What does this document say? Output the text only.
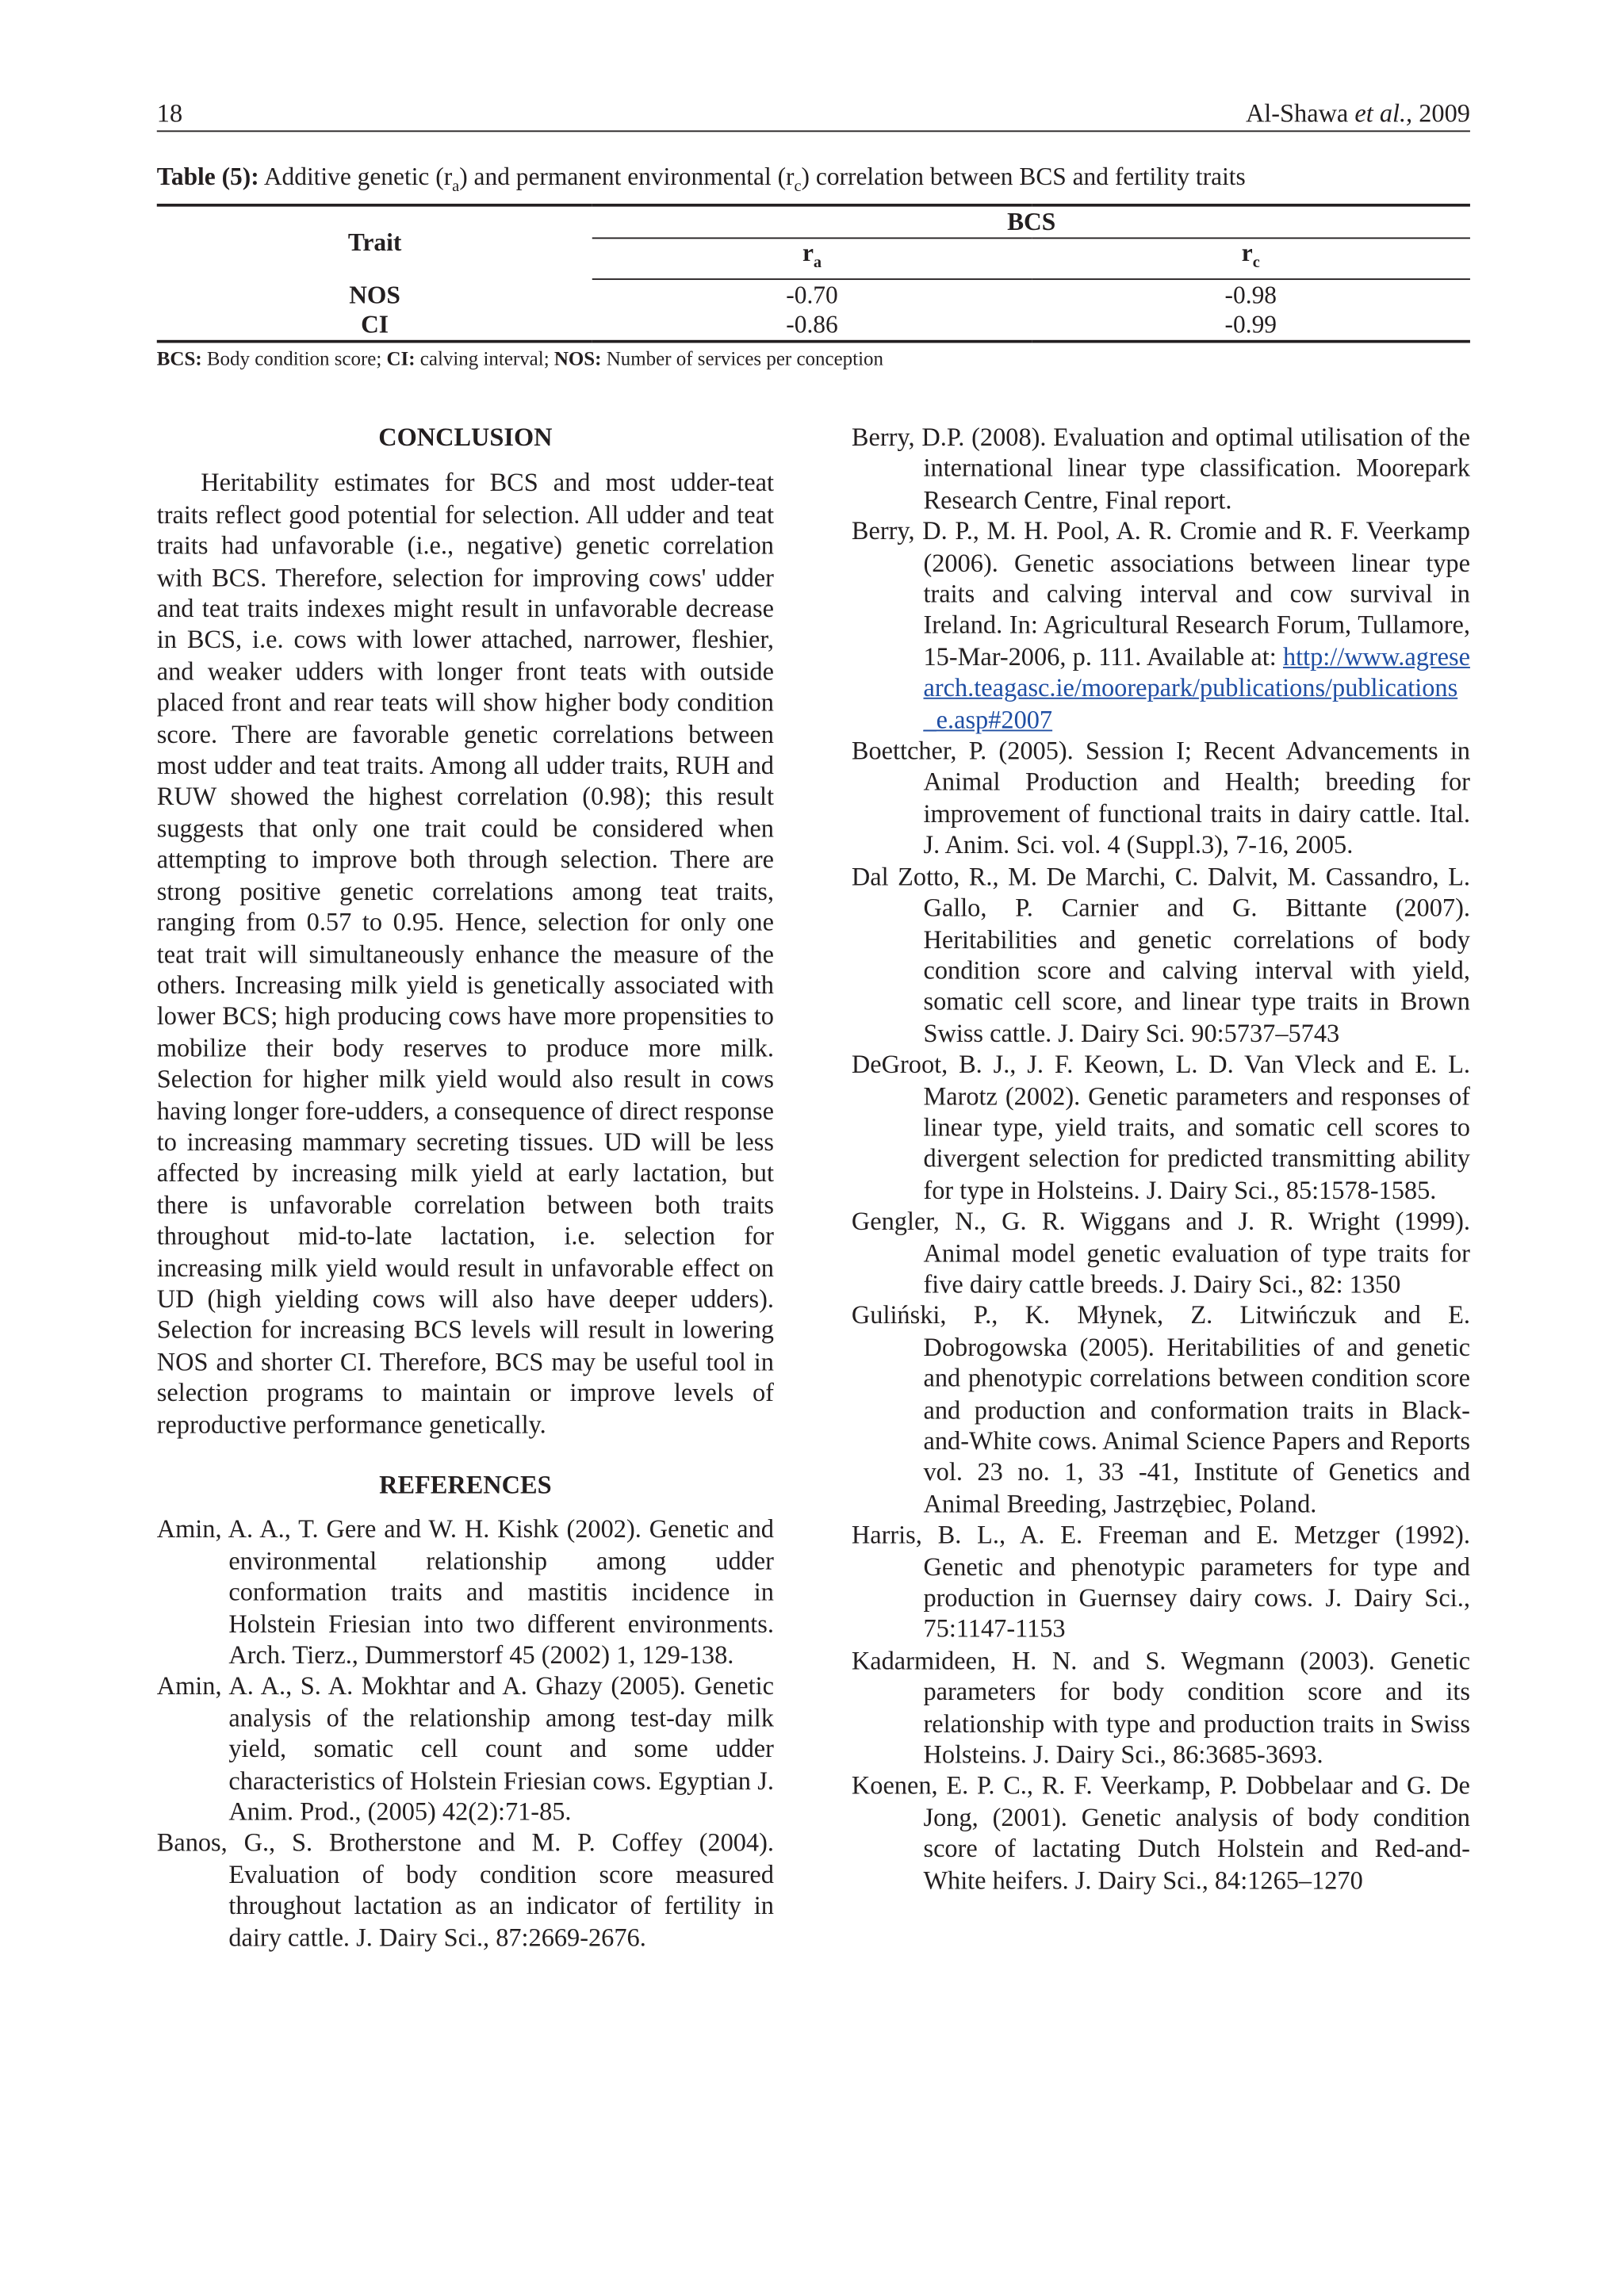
18	Al-Shawa et al., 2009
Table (5): Additive genetic $(r_a)$ and permanent environmental $(r_c)$ correlation between BCS and fertility traits
Trait	BCS	
	$r_a$	$r_c$
NOS	-0.70	-0.98
CI	-0.86	-0.99
BCS: Body condition score; CI: calving interval; NOS: Number of services per conception
CONCLUSION

Heritability estimates for BCS and most udder-teat traits reflect good potential for selection. All udder and teat traits had unfavorable (i.e., negative) genetic correlation with BCS. Therefore, selection for improving cows' udder and teat traits indexes might result in unfavorable decrease in BCS, i.e. cows with lower attached, narrower, fleshier, and weaker udders with longer front teats with outside placed front and rear teats will show higher body condition score. There are favorable genetic correlations between most udder and teat traits. Among all udder traits, RUH and RUW showed the highest correlation (0.98); this result suggests that only one trait could be considered when attempting to improve both through selection. There are strong positive genetic correlations among teat traits, ranging from 0.57 to 0.95. Hence, selection for only one teat trait will simultaneously enhance the measure of the others. Increasing milk yield is genetically associated with lower BCS; high producing cows have more propensities to mobilize their body reserves to produce more milk. Selection for higher milk yield would also result in cows having longer fore-udders, a consequence of direct response to increasing mammary secreting tissues. UD will be less affected by increasing milk yield at early lactation, but there is unfavorable correlation between both traits throughout mid-to-late lactation, i.e. selection for increasing milk yield would result in unfavorable effect on UD (high yielding cows will also have deeper udders). Selection for increasing BCS levels will result in lowering NOS and shorter CI. Therefore, BCS may be useful tool in selection programs to maintain or improve levels of reproductive performance genetically.

REFERENCES

Amin, A. A., T. Gere and W. H. Kishk (2002). Genetic and environmental relationship among udder conformation traits and mastitis incidence in Holstein Friesian into two different environments. Arch. Tierz., Dummerstorf 45 (2002) 1, 129-138.

Amin, A. A., S. A. Mokhtar and A. Ghazy (2005). Genetic analysis of the relationship among test-day milk yield, somatic cell count and some udder characteristics of Holstein Friesian cows. Egyptian J. Anim. Prod., (2005) 42(2):71-85.

Banos, G., S. Brotherstone and M. P. Coffey (2004). Evaluation of body condition score measured throughout lactation as an indicator of fertility in dairy cattle. J. Dairy Sci., 87:2669-2676.

Berry, D.P. (2008). Evaluation and optimal utilisation of the international linear type classification. Moorepark Research Centre, Final report.

Berry, D. P., M. H. Pool, A. R. Cromie and R. F. Veerkamp (2006). Genetic associations between linear type traits and calving interval and cow survival in Ireland. In: Agricultural Research Forum, Tullamore, 15-Mar-2006, p. 111. Available at: http://www.agresearch.teagasc.ie/moorepark/publications/publications_e.asp#2007

Boettcher, P. (2005). Session I; Recent Advancements in Animal Production and Health; breeding for improvement of functional traits in dairy cattle. Ital. J. Anim. Sci. vol. 4 (Suppl.3), 7-16, 2005.

Dal Zotto, R., M. De Marchi, C. Dalvit, M. Cassandro, L. Gallo, P. Carnier and G. Bittante (2007). Heritabilities and genetic correlations of body condition score and calving interval with yield, somatic cell score, and linear type traits in Brown Swiss cattle. J. Dairy Sci. 90:5737–5743

DeGroot, B. J., J. F. Keown, L. D. Van Vleck and E. L. Marotz (2002). Genetic parameters and responses of linear type, yield traits, and somatic cell scores to divergent selection for predicted transmitting ability for type in Holsteins. J. Dairy Sci., 85:1578-1585.

Gengler, N., G. R. Wiggans and J. R. Wright (1999). Animal model genetic evaluation of type traits for five dairy cattle breeds. J. Dairy Sci., 82: 1350

Guliński, P., K. Młynek, Z. Litwińczuk and E. Dobrogowska (2005). Heritabilities of and genetic and phenotypic correlations between condition score and production and conformation traits in Black-and-White cows. Animal Science Papers and Reports vol. 23 no. 1, 33 -41, Institute of Genetics and Animal Breeding, Jastrzębiec, Poland.

Harris, B. L., A. E. Freeman and E. Metzger (1992). Genetic and phenotypic parameters for type and production in Guernsey dairy cows. J. Dairy Sci., 75:1147-1153

Kadarmideen, H. N. and S. Wegmann (2003). Genetic parameters for body condition score and its relationship with type and production traits in Swiss Holsteins. J. Dairy Sci., 86:3685-3693.

Koenen, E. P. C., R. F. Veerkamp, P. Dobbelaar and G. De Jong, (2001). Genetic analysis of body condition score of lactating Dutch Holstein and Red-and-White heifers. J. Dairy Sci., 84:1265–1270
